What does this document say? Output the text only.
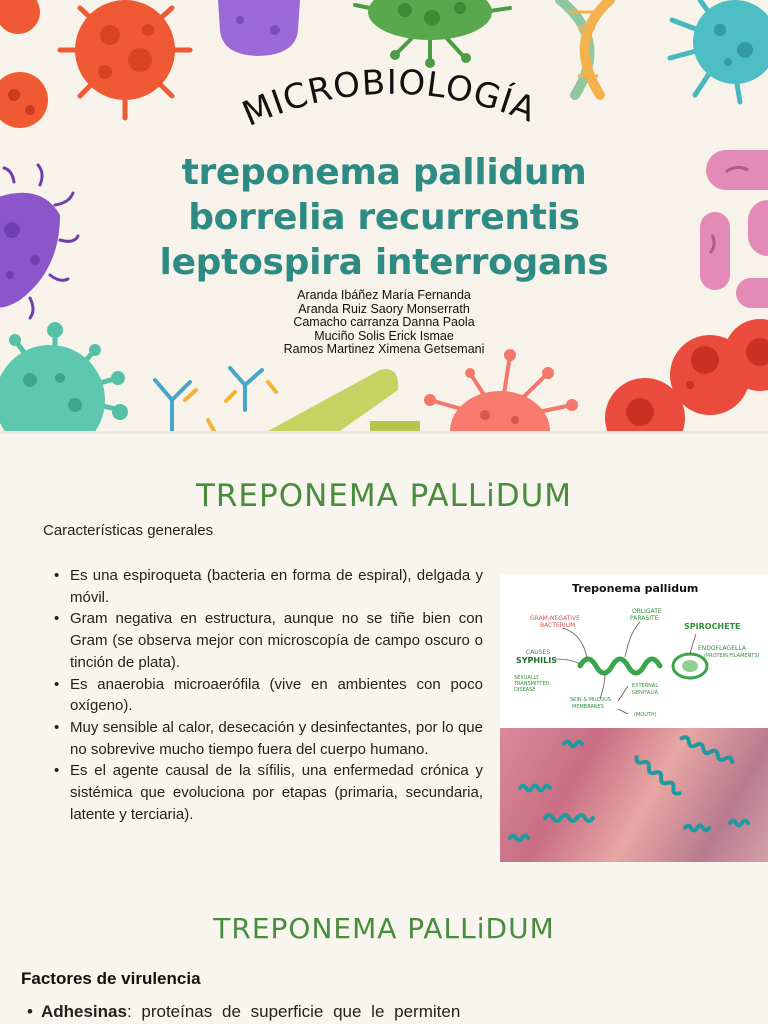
MICROBIOLOGÍA
treponema pallidum
borrelia recurrentis
leptospira interrogans
Aranda Ibáñez María Fernanda
Aranda Ruiz Saory Monserrath
Camacho carranza Danna Paola
Muciño Solis Erick Ismae
Ramos Martinez Ximena Getsemani
TREPONEMA PALLiDUM
Características generales
• Es una espiroqueta (bacteria en forma de espiral), delgada y móvil.
• Gram negativa en estructura, aunque no se tiñe bien con Gram (se observa mejor con microscopía de campo oscuro o tinción de plata).
• Es anaerobia microaerófila (vive en ambientes con poco oxígeno).
• Muy sensible al calor, desecación y desinfectantes, por lo que no sobrevive mucho tiempo fuera del cuerpo humano.
• Es el agente causal de la sífilis, una enfermedad crónica y sistémica que evoluciona por etapas (primaria, secundaria, latente y terciaria).
Treponema pallidum
GRAM-NEGATIVE
BACTERIUM
OBLIGATE
PARASITE
SPIROCHETE
ENDOFLAGELLA
(PROTEIN FILAMENTS)
CAUSES
SYPHILIS
SEXUALLY
TRANSMITTED
DISEASE
SKIN & MUCOUS
MEMBRANES
EXTERNAL
GENITALIA
(MOUTH)
TREPONEMA PALLiDUM
Factores de virulencia
• Adhesinas: proteínas de superficie que le permiten
